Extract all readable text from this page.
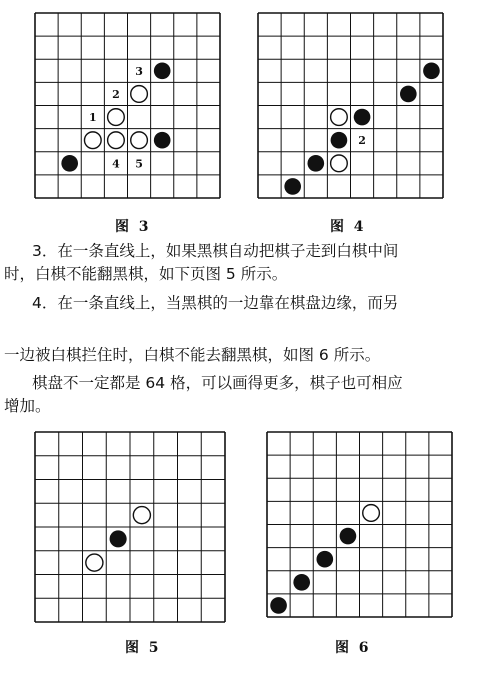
3
2
1
4 5
2
图  3	图  4
图  5	图  6
3．在一条直线上，如果黑棋自动把棋子走到白棋中间
时，白棋不能翻黑棋，如下页图 5 所示。
4．在一条直线上，当黑棋的一边靠在棋盘边缘，而另
一边被白棋拦住时，白棋不能去翻黑棋，如图 6 所示。
棋盘不一定都是 64 格，可以画得更多，棋子也可相应
增加。
